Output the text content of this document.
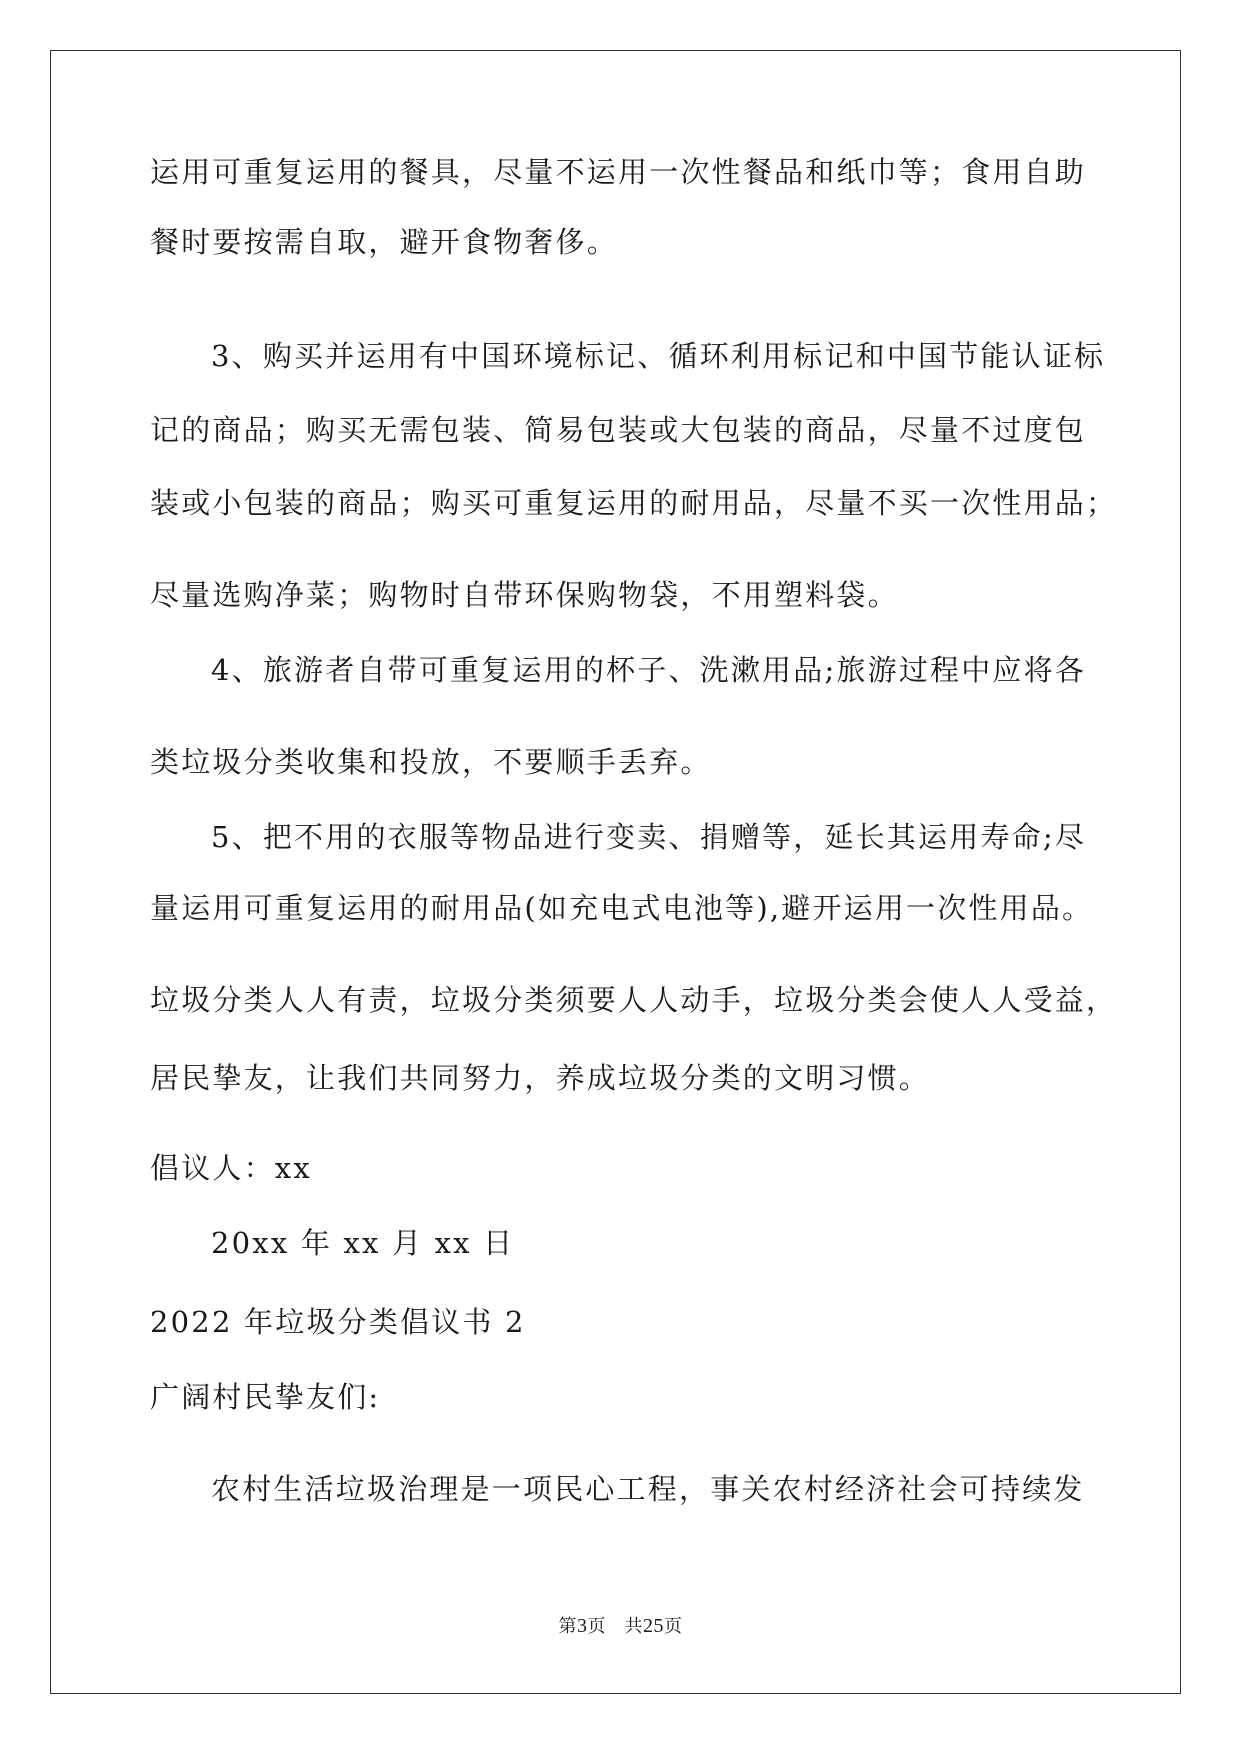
运用可重复运用的餐具，尽量不运用一次性餐品和纸巾等；食用自助
餐时要按需自取，避开食物奢侈。
3、购买并运用有中国环境标记、循环利用标记和中国节能认证标
记的商品；购买无需包装、简易包装或大包装的商品，尽量不过度包
装或小包装的商品；购买可重复运用的耐用品，尽量不买一次性用品；
尽量选购净菜；购物时自带环保购物袋，不用塑料袋。
4、旅游者自带可重复运用的杯子、洗漱用品;旅游过程中应将各
类垃圾分类收集和投放，不要顺手丢弃。
5、把不用的衣服等物品进行变卖、捐赠等，延长其运用寿命;尽
量运用可重复运用的耐用品(如充电式电池等),避开运用一次性用品。
垃圾分类人人有责，垃圾分类须要人人动手，垃圾分类会使人人受益，
居民挚友，让我们共同努力，养成垃圾分类的文明习惯。
倡议人：xx
20xx 年 xx 月 xx 日
2022 年垃圾分类倡议书 2
广阔村民挚友们:
农村生活垃圾治理是一项民心工程，事关农村经济社会可持续发
第3页　共25页
